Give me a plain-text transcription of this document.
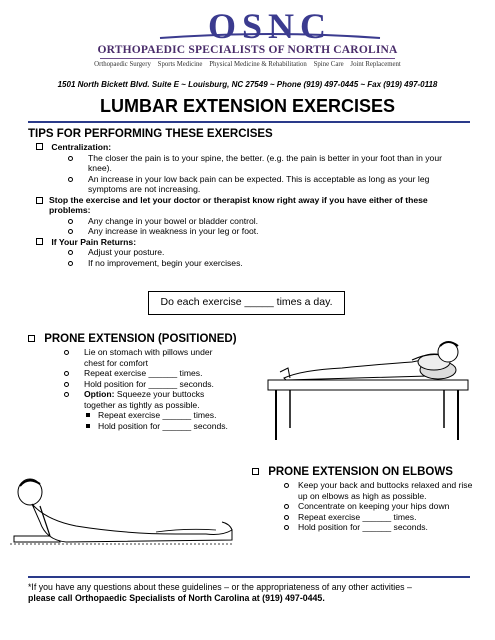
OSNC
ORTHOPAEDIC SPECIALISTS OF NORTH CAROLINA
Orthopaedic Surgery Sports Medicine Physical Medicine & Rehabilitation Spine Care Joint Replacement
1501 North Bickett Blvd. Suite E ~ Louisburg, NC 27549 ~ Phone (919) 497-0445 ~ Fax (919) 497-0118
LUMBAR EXTENSION EXERCISES
TIPS FOR PERFORMING THESE EXERCISES
Centralization:
The closer the pain is to your spine, the better. (e.g. the pain is better in your foot than in your knee).
An increase in your low back pain can be expected. This is acceptable as long as your leg symptoms are not increasing.
Stop the exercise and let your doctor or therapist know right away if you have either of these problems:
Any change in your bowel or bladder control.
Any increase in weakness in your leg or foot.
If Your Pain Returns:
Adjust your posture.
If no improvement, begin your exercises.
Do each exercise _____ times a day.
PRONE EXTENSION (POSITIONED)
Lie on stomach with pillows under chest for comfort
Repeat exercise ______ times.
Hold position for ______ seconds.
Option: Squeeze your buttocks together as tightly as possible.
Repeat exercise ______ times.
Hold position for ______ seconds.
PRONE EXTENSION ON ELBOWS
Keep your back and buttocks relaxed and rise up on elbows as high as possible.
Concentrate on keeping your hips down
Repeat exercise ______ times.
Hold position for ______ seconds.
*If you have any questions about these guidelines – or the appropriateness of any other activities –
please call Orthopaedic Specialists of North Carolina at (919) 497-0445.
